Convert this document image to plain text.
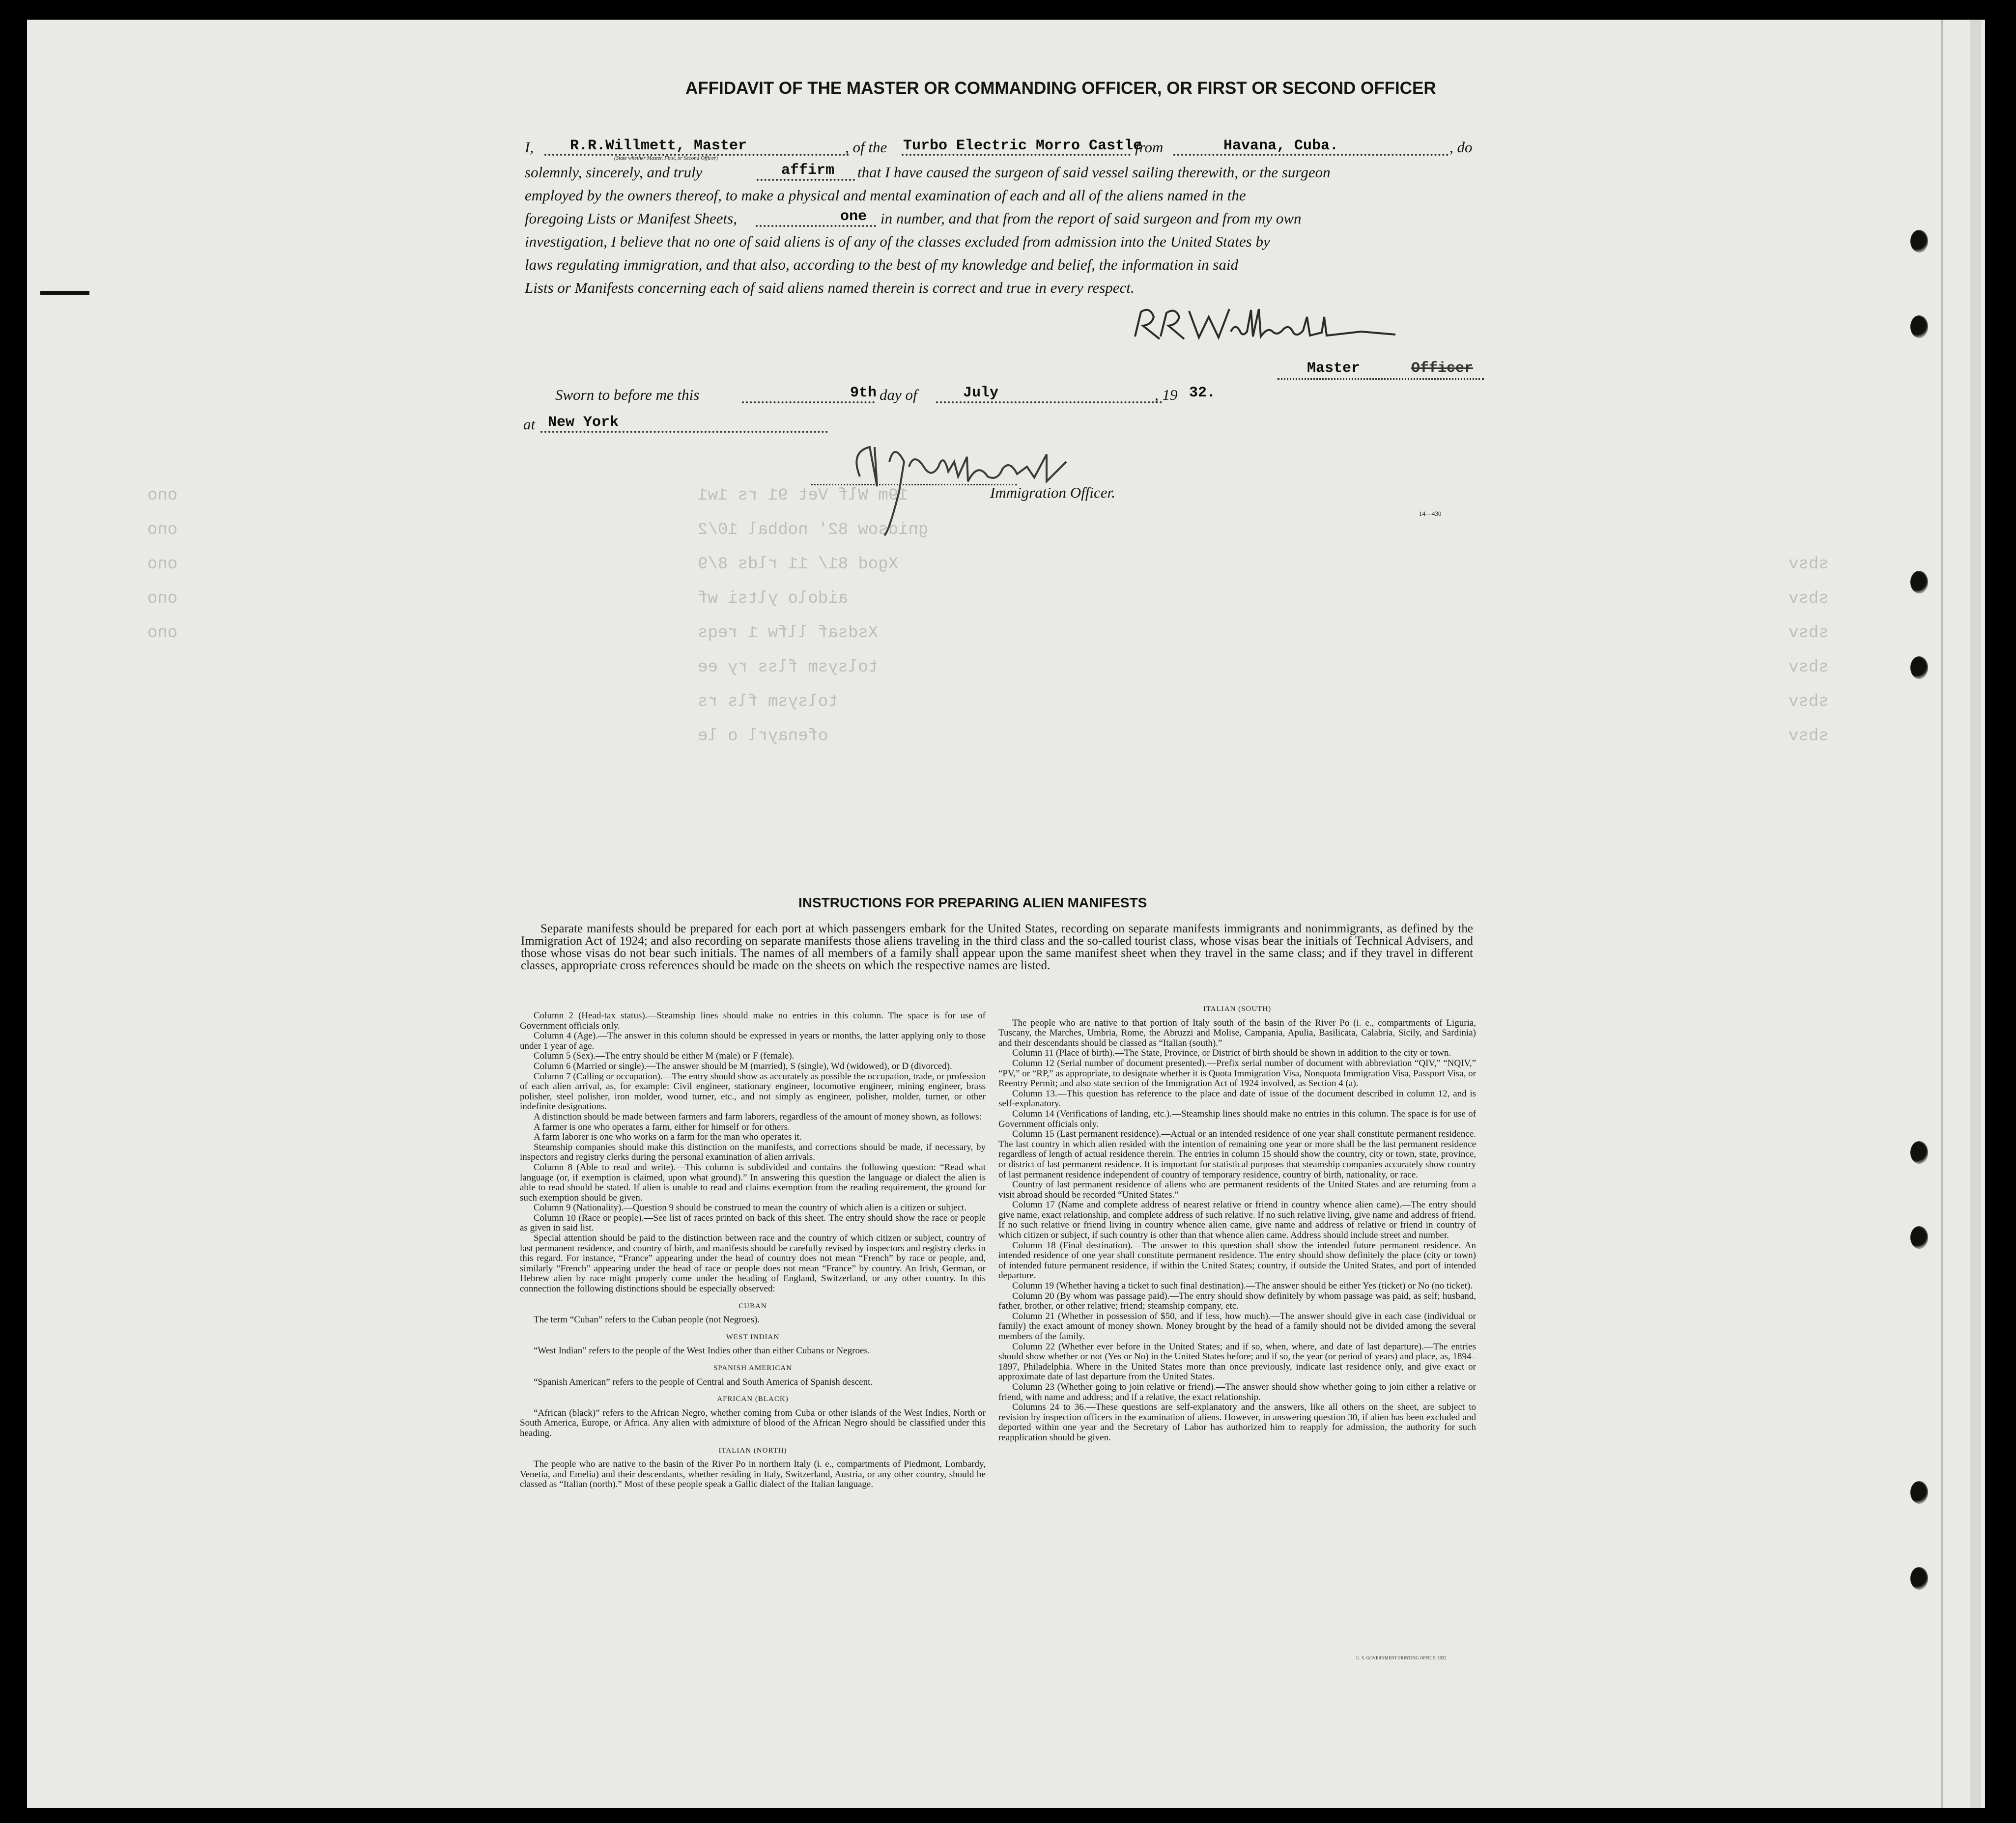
19m Wlf Vet 91 rs 1w1
gnidsow 82' nobbal 10/2
Xgod 81/ 11 rlds 8/9
aidolo yltsi wf
Xsdsaf llfw 1 reqs
tolsysm flss ry ee
tolsysm fls rs
ofenayrl o le
ono
ono
ono
ono
ono
sbsv
sbsv
sbsv
sbsv
sbsv
sbsv
AFFIDAVIT OF THE MASTER OR COMMANDING OFFICER, OR FIRST OR SECOND OFFICER
I, R.R.Willmett, Master
(State whether Master, First, or Second Officer)
, of the Turbo Electric Morro Castle
from	Havana, Cuba.	, do
solemnly, sincerely, and truly	affirm that I have caused the surgeon of said vessel sailing therewith, or the surgeon
employed by the owners thereof, to make a physical and mental examination of each and all of the aliens named in the
foregoing Lists or Manifest Sheets,	one in number, and that from the report of said surgeon and from my own
investigation, I believe that no one of said aliens is of any of the classes excluded from admission into the United States by
laws regulating immigration, and that also, according to the best of my knowledge and belief, the information in said
Lists or Manifests concerning each of said aliens named therein is correct and true in every respect.
Master	Officer
Sworn to before me this	9th day of	July	, 19 32.
at New York
Immigration Officer.
14—430
INSTRUCTIONS FOR PREPARING ALIEN MANIFESTS

Separate manifests should be prepared for each port at which passengers embark for the United States, recording on separate manifests immigrants and nonimmigrants, as defined by the Immigration Act of 1924; and also recording on separate manifests those aliens traveling in the third class and the so-called tourist class, whose visas bear the initials of Technical Advisers, and those whose visas do not bear such initials. The names of all members of a family shall appear upon the same manifest sheet when they travel in the same class; and if they travel in different classes, appropriate cross references should be made on the sheets on which the respective names are listed.

Column 2 (Head-tax status).—Steamship lines should make no entries in this column. The space is for use of Government officials only.

Column 4 (Age).—The answer in this column should be expressed in years or months, the latter applying only to those under 1 year of age.

Column 5 (Sex).—The entry should be either M (male) or F (female).

Column 6 (Married or single).—The answer should be M (married), S (single), Wd (widowed), or D (divorced).

Column 7 (Calling or occupation).—The entry should show as accurately as possible the occupation, trade, or profession of each alien arrival, as, for example: Civil engineer, stationary engineer, locomotive engineer, mining engineer, brass polisher, steel polisher, iron molder, wood turner, etc., and not simply as engineer, polisher, molder, turner, or other indefinite designations.

A distinction should be made between farmers and farm laborers, regardless of the amount of money shown, as follows:

A farmer is one who operates a farm, either for himself or for others.

A farm laborer is one who works on a farm for the man who operates it.

Steamship companies should make this distinction on the manifests, and corrections should be made, if necessary, by inspectors and registry clerks during the personal examination of alien arrivals.

Column 8 (Able to read and write).—This column is subdivided and contains the following question: “Read what language (or, if exemption is claimed, upon what ground).” In answering this question the language or dialect the alien is able to read should be stated. If alien is unable to read and claims exemption from the reading requirement, the ground for such exemption should be given.

Column 9 (Nationality).—Question 9 should be construed to mean the country of which alien is a citizen or subject.

Column 10 (Race or people).—See list of races printed on back of this sheet. The entry should show the race or people as given in said list.

Special attention should be paid to the distinction between race and the country of which citizen or subject, country of last permanent residence, and country of birth, and manifests should be carefully revised by inspectors and registry clerks in this regard. For instance, “France” appearing under the head of country does not mean “French” by race or people, and, similarly “French” appearing under the head of race or people does not mean “France” by country. An Irish, German, or Hebrew alien by race might properly come under the heading of England, Switzerland, or any other country. In this connection the following distinctions should be especially observed:

CUBAN

The term “Cuban” refers to the Cuban people (not Negroes).

WEST INDIAN

“West Indian” refers to the people of the West Indies other than either Cubans or Negroes.

SPANISH AMERICAN

“Spanish American” refers to the people of Central and South America of Spanish descent.

AFRICAN (BLACK)

“African (black)” refers to the African Negro, whether coming from Cuba or other islands of the West Indies, North or South America, Europe, or Africa. Any alien with admixture of blood of the African Negro should be classified under this heading.

ITALIAN (NORTH)

The people who are native to the basin of the River Po in northern Italy (i. e., compartments of Piedmont, Lombardy, Venetia, and Emelia) and their descendants, whether residing in Italy, Switzerland, Austria, or any other country, should be classed as “Italian (north).” Most of these people speak a Gallic dialect of the Italian language.

ITALIAN (SOUTH)

The people who are native to that portion of Italy south of the basin of the River Po (i. e., compartments of Liguria, Tuscany, the Marches, Umbria, Rome, the Abruzzi and Molise, Campania, Apulia, Basilicata, Calabria, Sicily, and Sardinia) and their descendants should be classed as “Italian (south).”

Column 11 (Place of birth).—The State, Province, or District of birth should be shown in addition to the city or town.

Column 12 (Serial number of document presented).—Prefix serial number of document with abbreviation “QIV,” “NQIV,” “PV,” or “RP,” as appropriate, to designate whether it is Quota Immigration Visa, Nonquota Immigration Visa, Passport Visa, or Reentry Permit; and also state section of the Immigration Act of 1924 involved, as Section 4 (a).

Column 13.—This question has reference to the place and date of issue of the document described in column 12, and is self-explanatory.

Column 14 (Verifications of landing, etc.).—Steamship lines should make no entries in this column. The space is for use of Government officials only.

Column 15 (Last permanent residence).—Actual or an intended residence of one year shall constitute permanent residence. The last country in which alien resided with the intention of remaining one year or more shall be the last permanent residence regardless of length of actual residence therein. The entries in column 15 should show the country, city or town, state, province, or district of last permanent residence. It is important for statistical purposes that steamship companies accurately show country of last permanent residence independent of country of temporary residence, country of birth, nationality, or race.

Country of last permanent residence of aliens who are permanent residents of the United States and are returning from a visit abroad should be recorded “United States.”

Column 17 (Name and complete address of nearest relative or friend in country whence alien came).—The entry should give name, exact relationship, and complete address of such relative. If no such relative living, give name and address of friend. If no such relative or friend living in country whence alien came, give name and address of relative or friend in country of which citizen or subject, if such country is other than that whence alien came. Address should include street and number.

Column 18 (Final destination).—The answer to this question shall show the intended future permanent residence. An intended residence of one year shall constitute permanent residence. The entry should show definitely the place (city or town) of intended future permanent residence, if within the United States; country, if outside the United States, and port of intended departure.

Column 19 (Whether having a ticket to such final destination).—The answer should be either Yes (ticket) or No (no ticket).

Column 20 (By whom was passage paid).—The entry should show definitely by whom passage was paid, as self; husband, father, brother, or other relative; friend; steamship company, etc.

Column 21 (Whether in possession of $50, and if less, how much).—The answer should give in each case (individual or family) the exact amount of money shown. Money brought by the head of a family should not be divided among the several members of the family.

Column 22 (Whether ever before in the United States; and if so, when, where, and date of last departure).—The entries should show whether or not (Yes or No) in the United States before; and if so, the year (or period of years) and place, as, 1894–1897, Philadelphia. Where in the United States more than once previously, indicate last residence only, and give exact or approximate date of last departure from the United States.

Column 23 (Whether going to join relative or friend).—The answer should show whether going to join either a relative or friend, with name and address; and if a relative, the exact relationship.

Columns 24 to 36.—These questions are self-explanatory and the answers, like all others on the sheet, are subject to revision by inspection officers in the examination of aliens. However, in answering question 30, if alien has been excluded and deported within one year and the Secretary of Labor has authorized him to reapply for admission, the authority for such reapplication should be given.

U. S. GOVERNMENT PRINTING OFFICE: 1932
